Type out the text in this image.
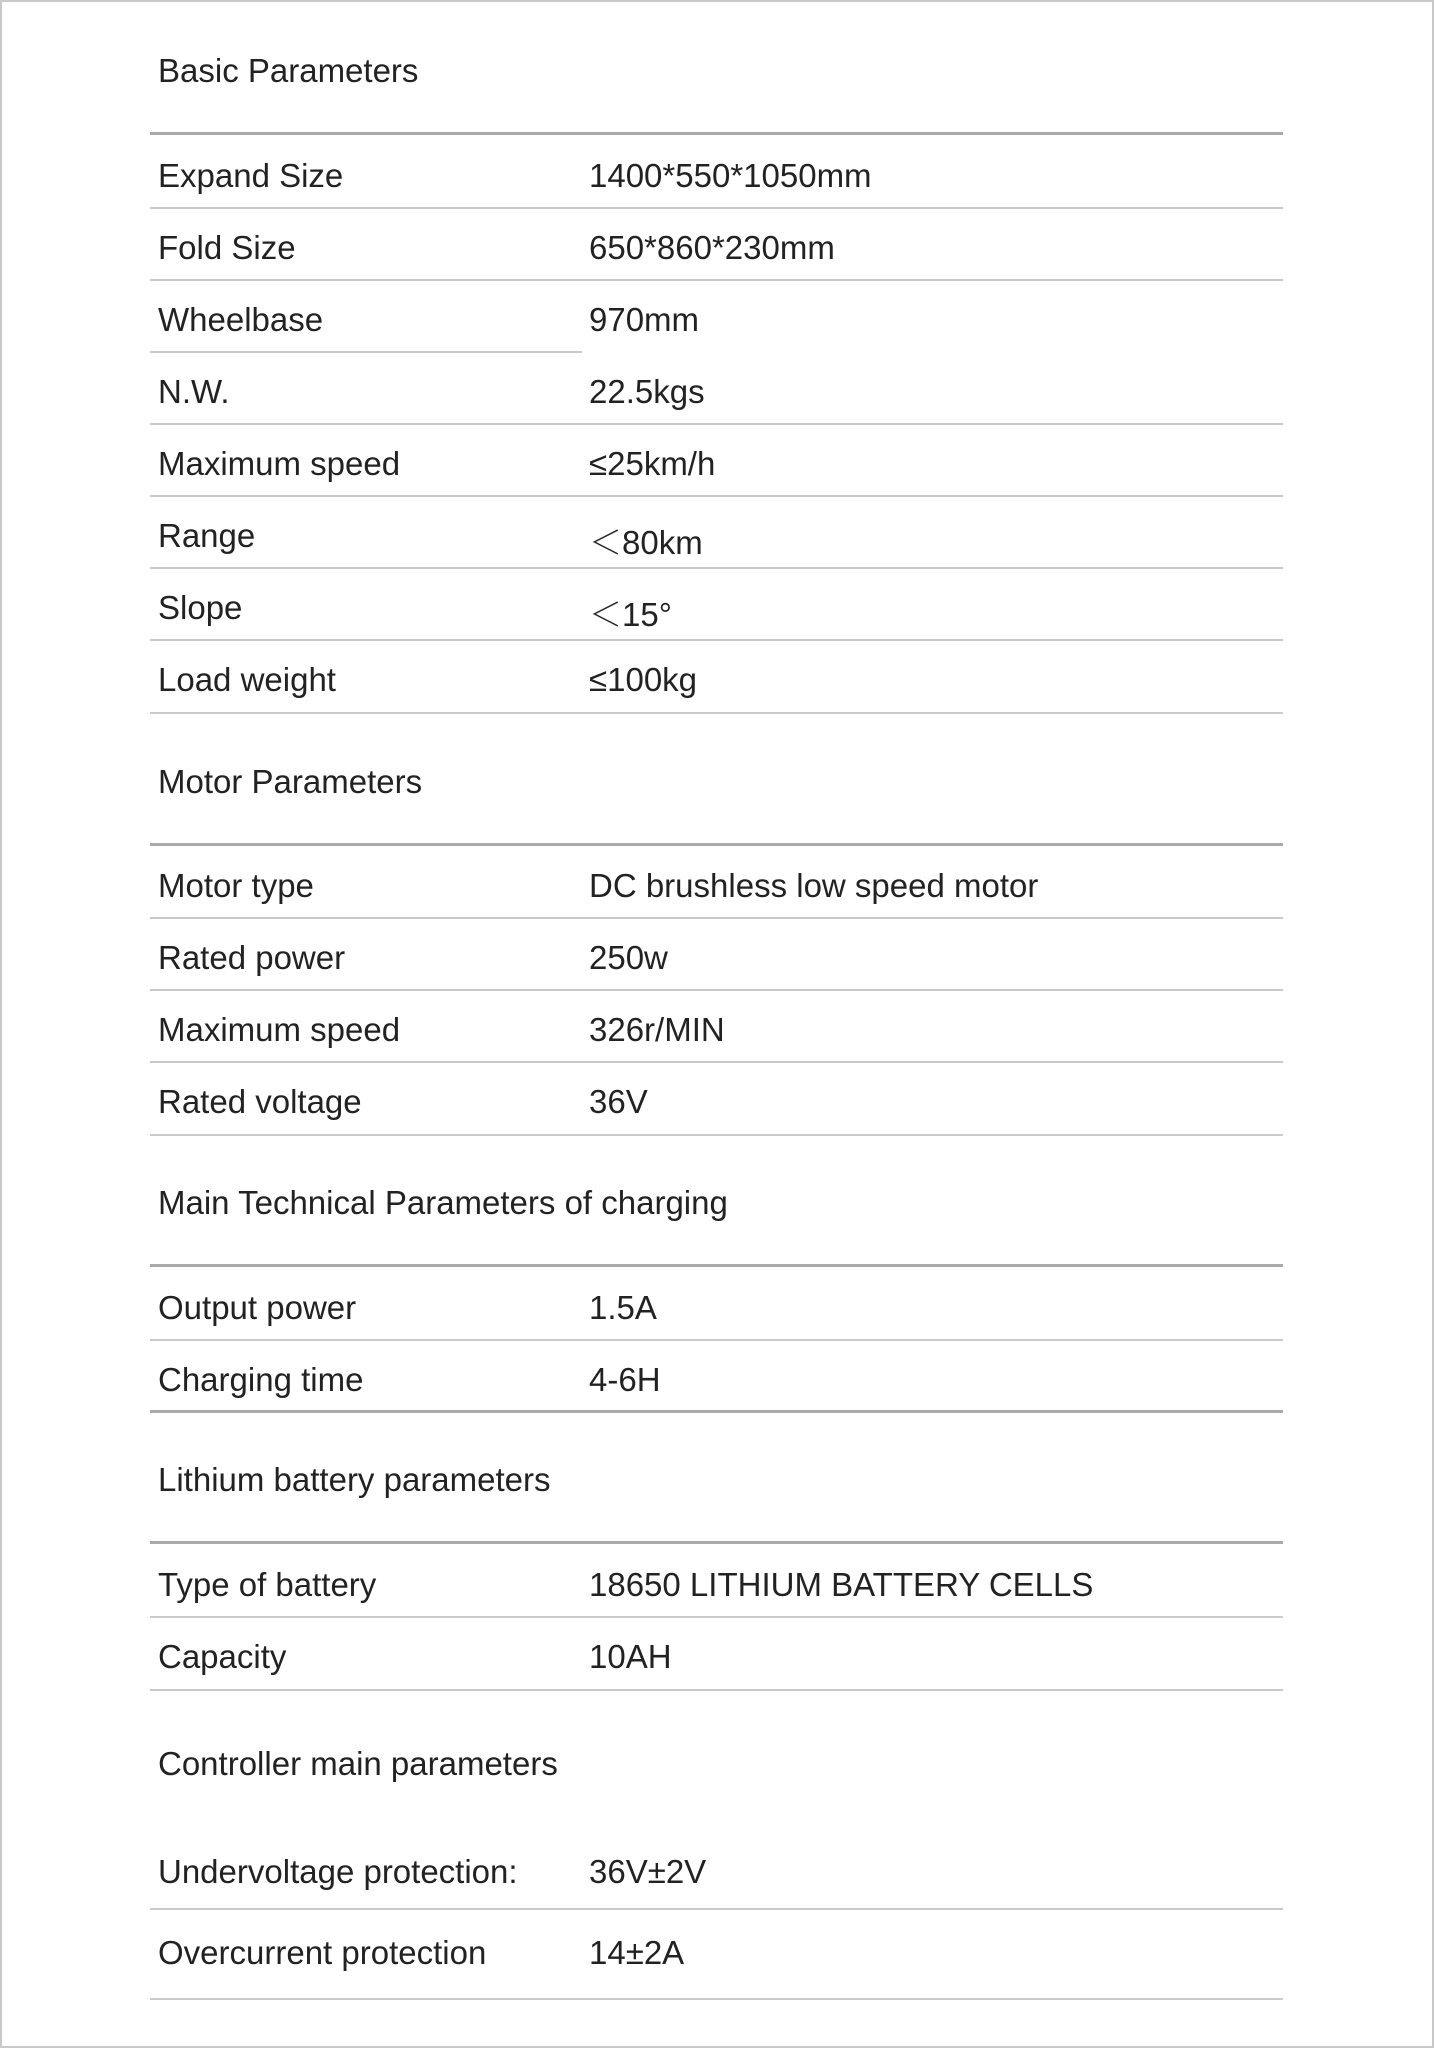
Basic Parameters
Expand Size	1400*550*1050mm
Fold Size	650*860*230mm
Wheelbase	970mm
N.W.	22.5kgs
Maximum speed	≤25km/h
Range	＜80km
Slope	＜15°
Load weight	≤100kg
Motor Parameters
Motor type	DC brushless low speed motor
Rated power	250w
Maximum speed	326r/MIN
Rated voltage	36V
Main Technical Parameters of charging
Output power	1.5A
Charging time	4-6H
Lithium battery parameters
Type of battery	18650 LITHIUM BATTERY CELLS
Capacity	10AH
Controller main parameters
Undervoltage protection: 36V±2V
Overcurrent protection	14±2A
